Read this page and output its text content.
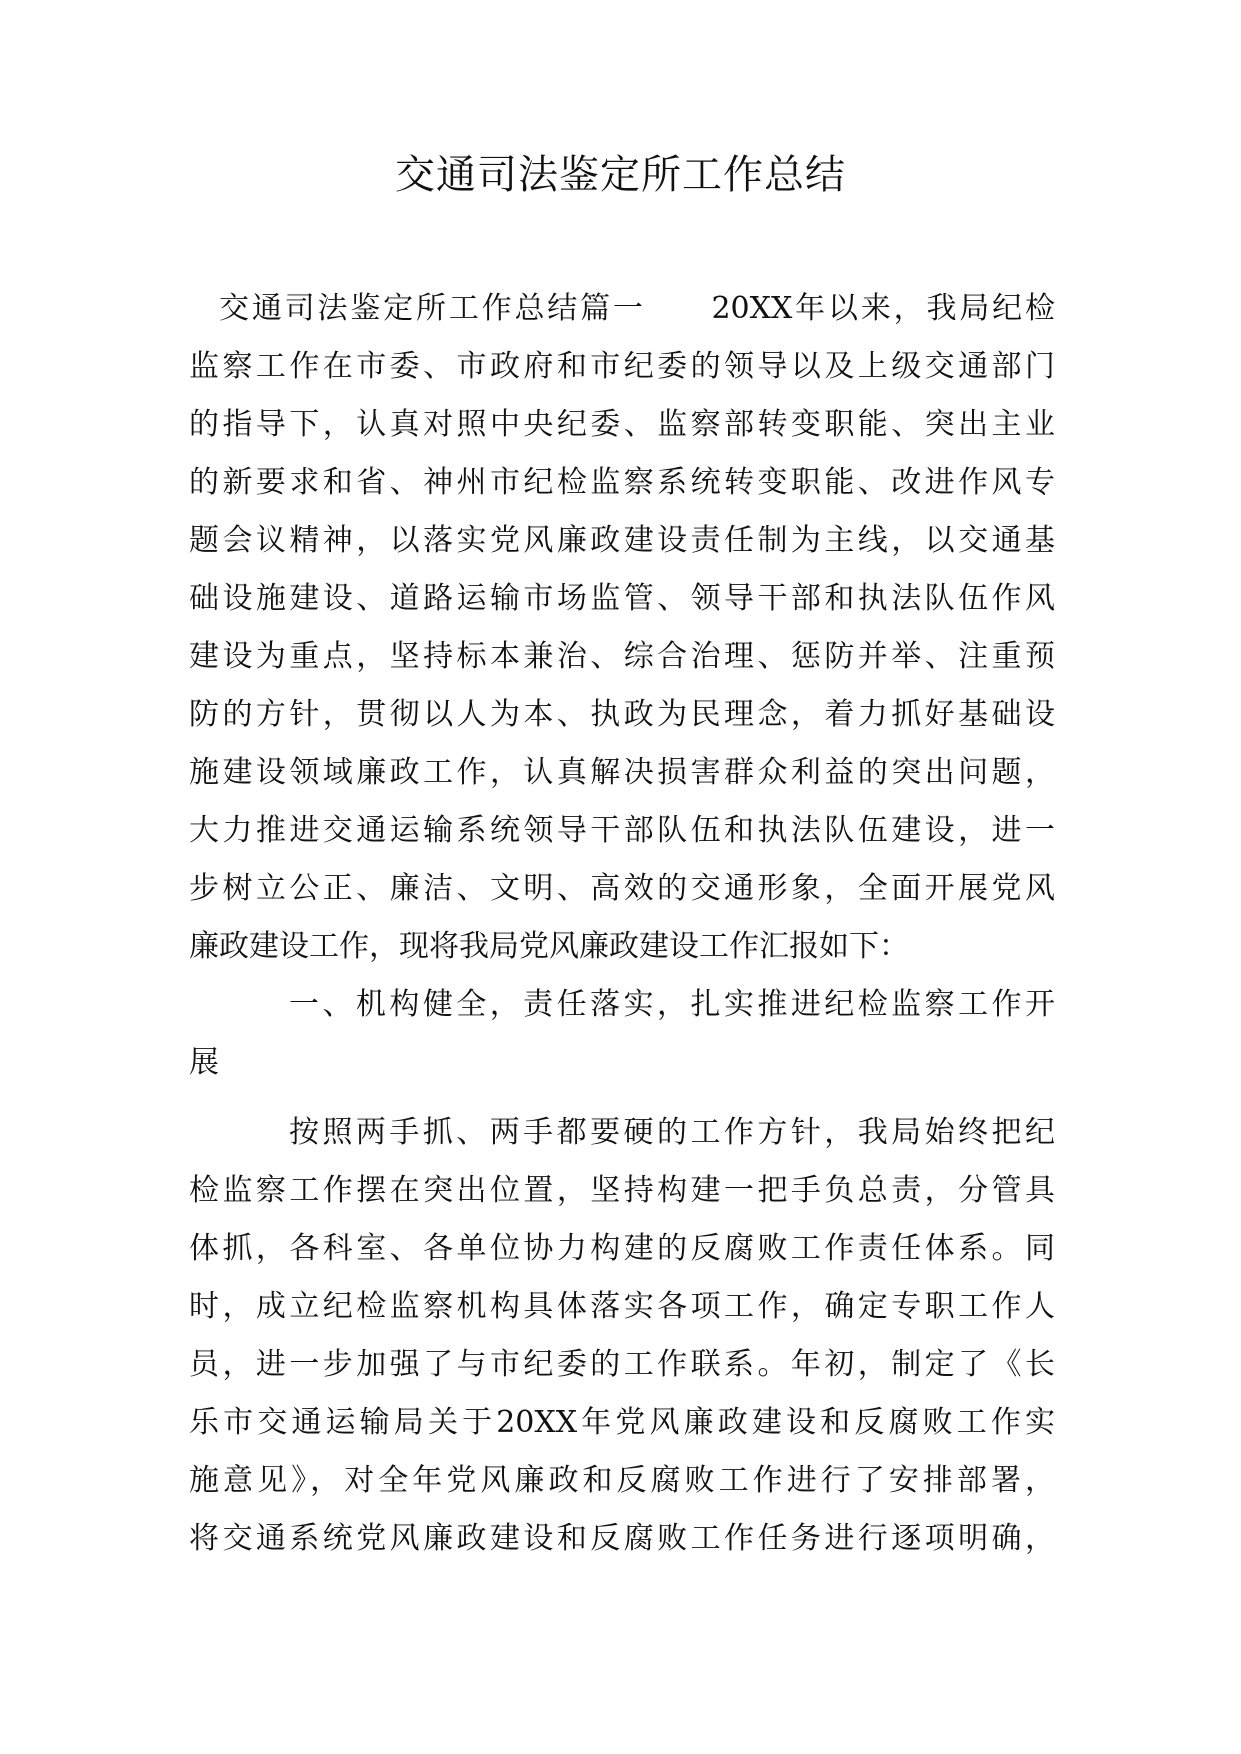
交通司法鉴定所工作总结
交通司法鉴定所工作总结篇一　　20XX年以来，我局纪检
监察工作在市委、市政府和市纪委的领导以及上级交通部门
的指导下，认真对照中央纪委、监察部转变职能、突出主业
的新要求和省、神州市纪检监察系统转变职能、改进作风专
题会议精神，以落实党风廉政建设责任制为主线，以交通基
础设施建设、道路运输市场监管、领导干部和执法队伍作风
建设为重点，坚持标本兼治、综合治理、惩防并举、注重预
防的方针，贯彻以人为本、执政为民理念，着力抓好基础设
施建设领域廉政工作，认真解决损害群众利益的突出问题，
大力推进交通运输系统领导干部队伍和执法队伍建设，进一
步树立公正、廉洁、文明、高效的交通形象，全面开展党风
廉政建设工作，现将我局党风廉政建设工作汇报如下：
一、机构健全，责任落实，扎实推进纪检监察工作开
展
按照两手抓、两手都要硬的工作方针，我局始终把纪
检监察工作摆在突出位置，坚持构建一把手负总责，分管具
体抓，各科室、各单位协力构建的反腐败工作责任体系。同
时，成立纪检监察机构具体落实各项工作，确定专职工作人
员，进一步加强了与市纪委的工作联系。年初，制定了《长
乐市交通运输局关于20XX年党风廉政建设和反腐败工作实
施意见》，对全年党风廉政和反腐败工作进行了安排部署，
将交通系统党风廉政建设和反腐败工作任务进行逐项明确，
